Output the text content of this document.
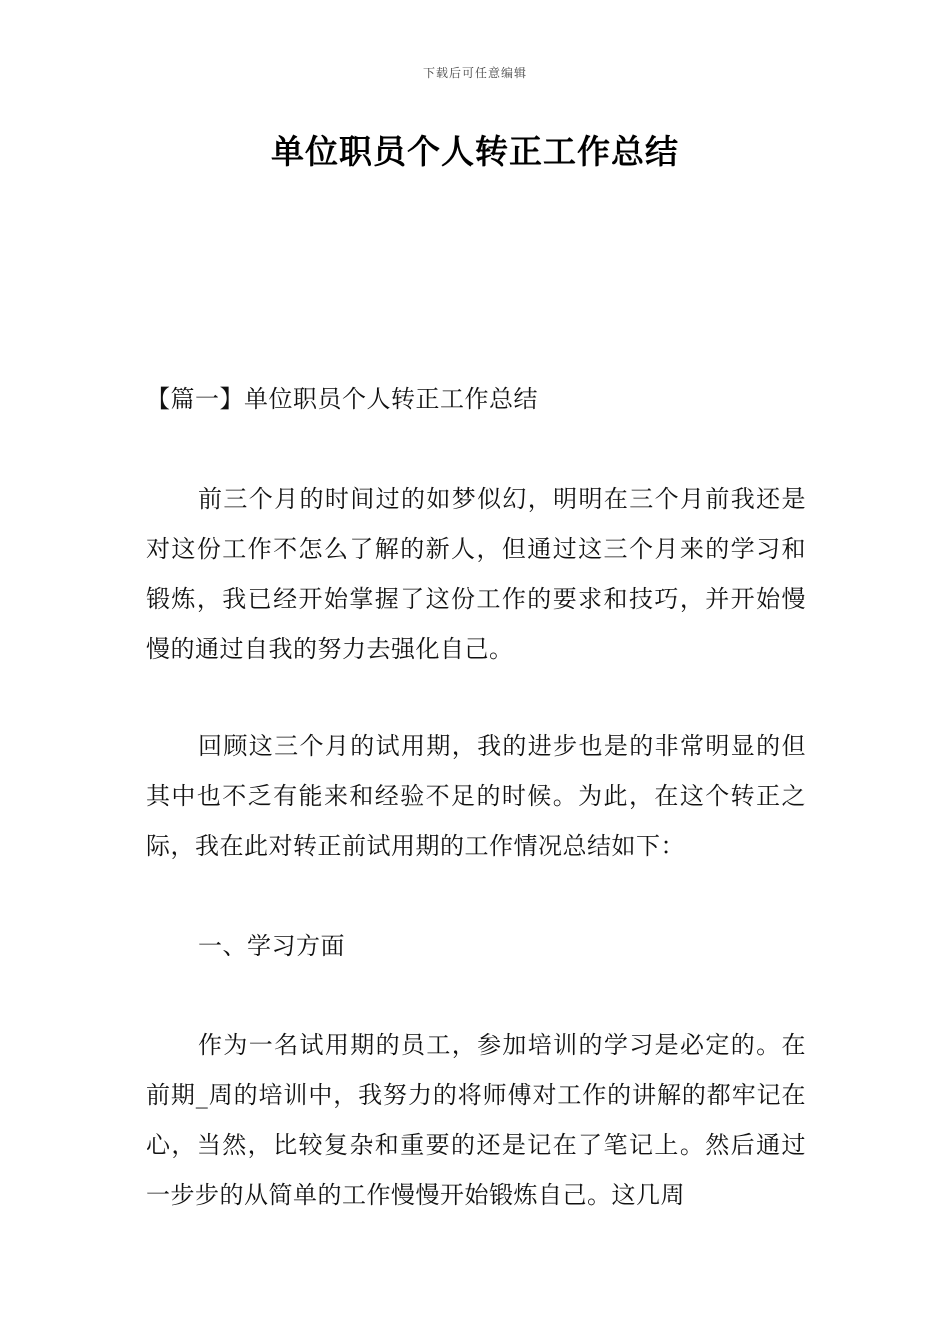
下载后可任意编辑
单位职员个人转正工作总结

【篇一】单位职员个人转正工作总结

前三个月的时间过的如梦似幻，明明在三个月前我还是对这份工作不怎么了解的新人，但通过这三个月来的学习和锻炼，我已经开始掌握了这份工作的要求和技巧，并开始慢慢的通过自我的努力去强化自己。

回顾这三个月的试用期，我的进步也是的非常明显的但其中也不乏有能来和经验不足的时候。为此，在这个转正之际，我在此对转正前试用期的工作情况总结如下：

一、学习方面

作为一名试用期的员工，参加培训的学习是必定的。在前期_周的培训中，我努力的将师傅对工作的讲解的都牢记在心，当然，比较复杂和重要的还是记在了笔记上。然后通过一步步的从简单的工作慢慢开始锻炼自己。这几周
